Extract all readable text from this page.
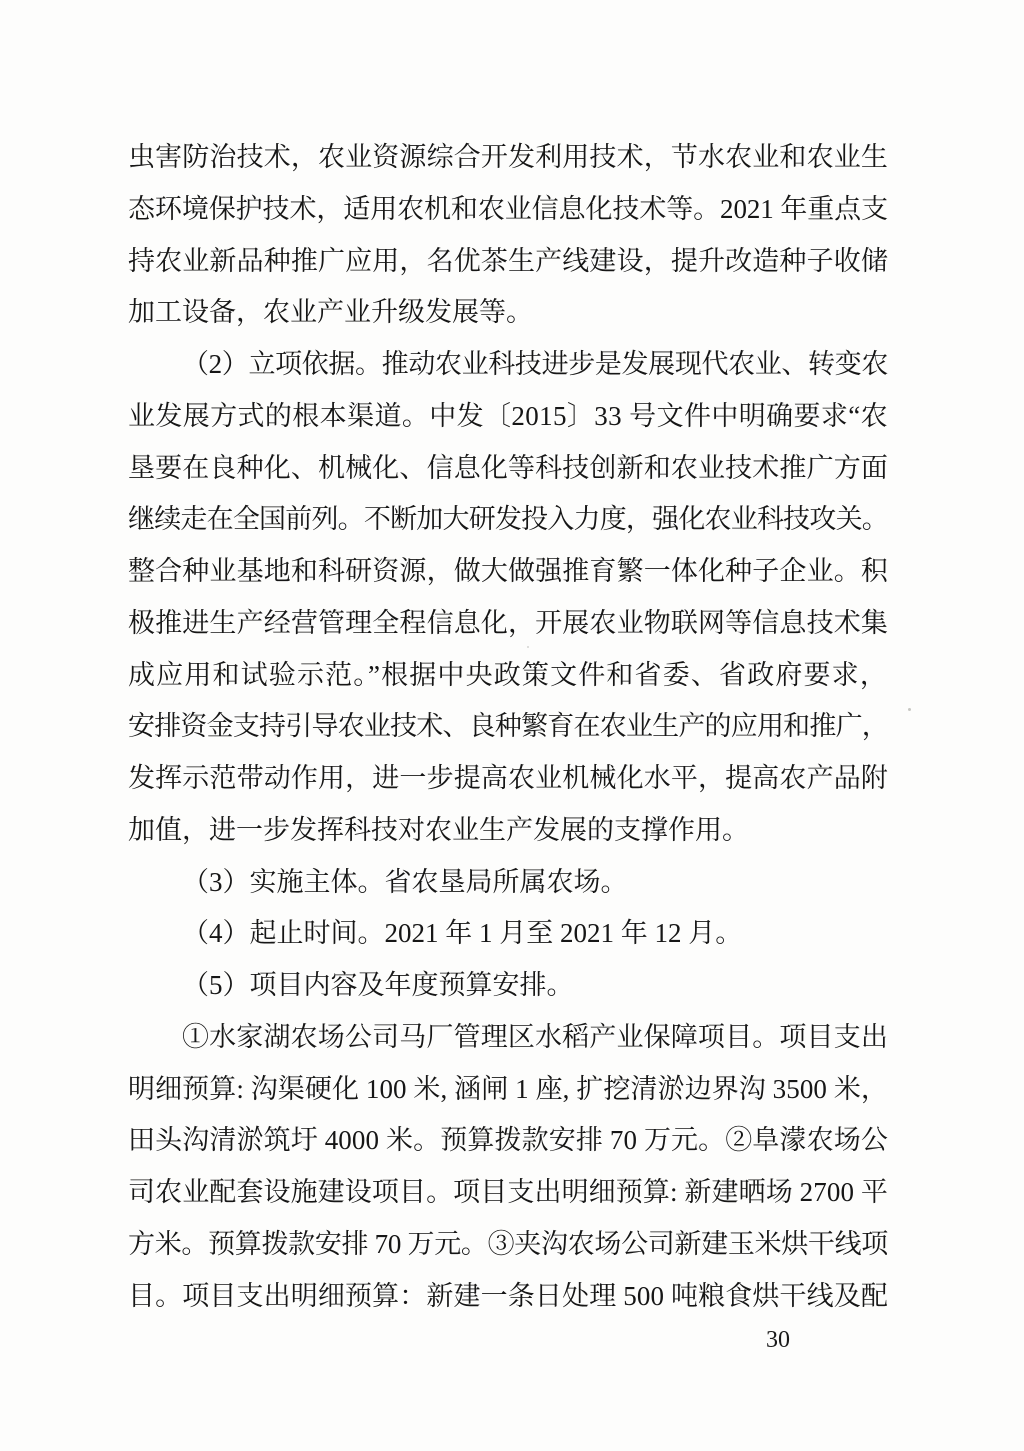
虫害防治技术，农业资源综合开发利用技术，节水农业和农业生
态环境保护技术，适用农机和农业信息化技术等。2021 年重点支
持农业新品种推广应用，名优茶生产线建设，提升改造种子收储
加工设备，农业产业升级发展等。
（2）立项依据。推动农业科技进步是发展现代农业、转变农
业发展方式的根本渠道。中发〔2015〕33 号文件中明确要求“农
垦要在良种化、机械化、信息化等科技创新和农业技术推广方面
继续走在全国前列。不断加大研发投入力度，强化农业科技攻关。
整合种业基地和科研资源，做大做强推育繁一体化种子企业。积
极推进生产经营管理全程信息化，开展农业物联网等信息技术集
成应用和试验示范。”根据中央政策文件和省委、省政府要求，
安排资金支持引导农业技术、良种繁育在农业生产的应用和推广，
发挥示范带动作用，进一步提高农业机械化水平，提高农产品附
加值，进一步发挥科技对农业生产发展的支撑作用。
（3）实施主体。省农垦局所属农场。
（4）起止时间。2021 年 1 月至 2021 年 12 月。
（5）项目内容及年度预算安排。
①水家湖农场公司马厂管理区水稻产业保障项目。项目支出
明细预算: 沟渠硬化 100 米, 涵闸 1 座, 扩挖清淤边界沟 3500 米，
田头沟清淤筑圩 4000 米。预算拨款安排 70 万元。②阜濛农场公
司农业配套设施建设项目。项目支出明细预算: 新建晒场 2700 平
方米。预算拨款安排 70 万元。③夹沟农场公司新建玉米烘干线项
目。项目支出明细预算：新建一条日处理 500 吨粮食烘干线及配
30
